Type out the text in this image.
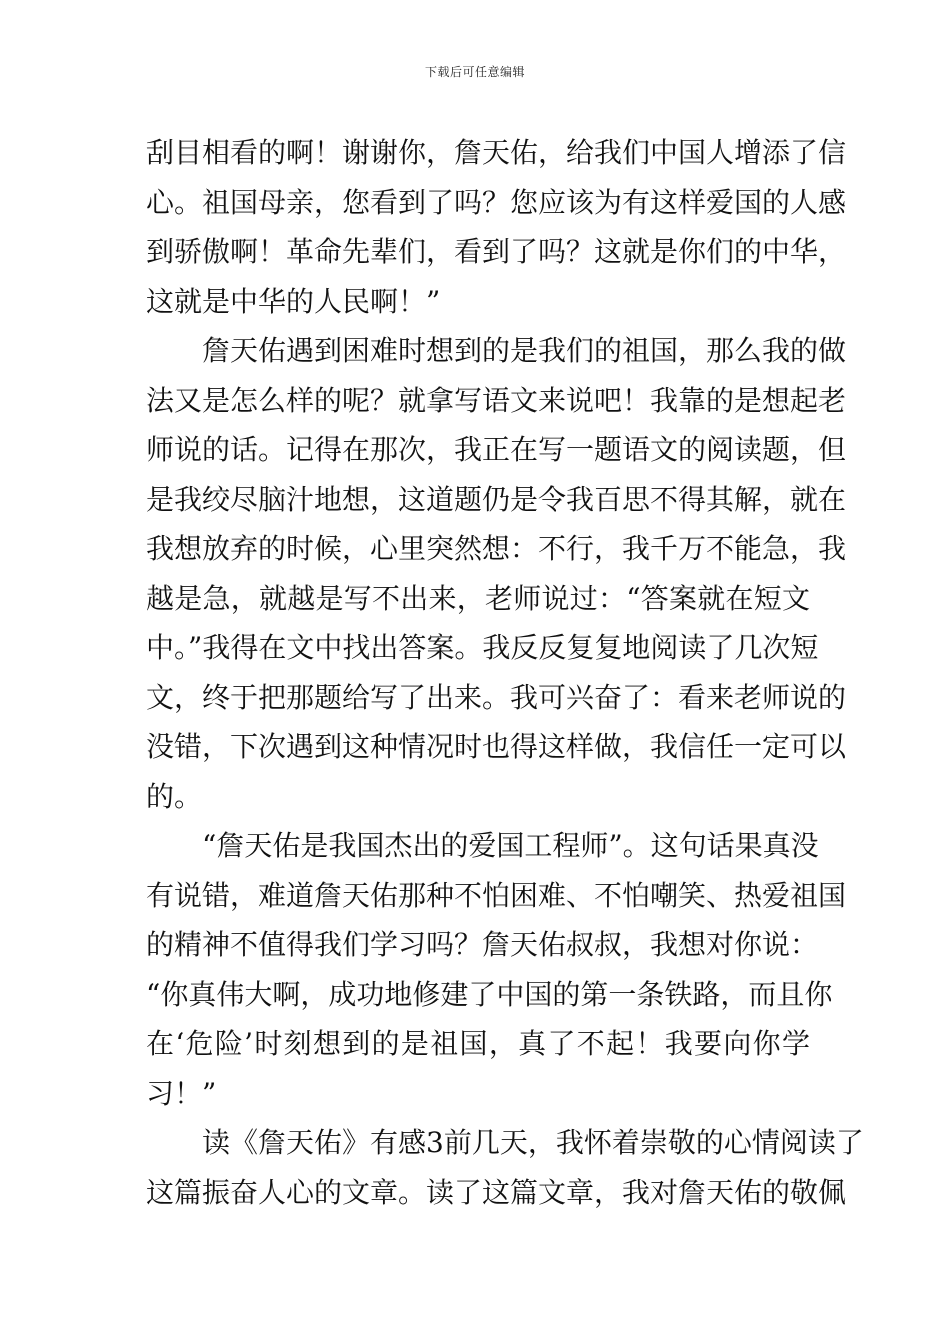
下载后可任意编辑
刮目相看的啊！谢谢你，詹天佑，给我们中国人增添了信
心。祖国母亲，您看到了吗？您应该为有这样爱国的人感
到骄傲啊！革命先辈们，看到了吗？这就是你们的中华，
这就是中华的人民啊！”
　　詹天佑遇到困难时想到的是我们的祖国，那么我的做
法又是怎么样的呢？就拿写语文来说吧！我靠的是想起老
师说的话。记得在那次，我正在写一题语文的阅读题，但
是我绞尽脑汁地想，这道题仍是令我百思不得其解，就在
我想放弃的时候，心里突然想：不行，我千万不能急，我
越是急，就越是写不出来，老师说过：“答案就在短文
中。”我得在文中找出答案。我反反复复地阅读了几次短
文，终于把那题给写了出来。我可兴奋了：看来老师说的
没错，下次遇到这种情况时也得这样做，我信任一定可以
的。
　　“詹天佑是我国杰出的爱国工程师”。这句话果真没
有说错，难道詹天佑那种不怕困难、不怕嘲笑、热爱祖国
的精神不值得我们学习吗？詹天佑叔叔，我想对你说：
“你真伟大啊，成功地修建了中国的第一条铁路，而且你
在‘危险’时刻想到的是祖国，真了不起！我要向你学
习！”
　　读《詹天佑》有感3前几天，我怀着崇敬的心情阅读了
这篇振奋人心的文章。读了这篇文章，我对詹天佑的敬佩
